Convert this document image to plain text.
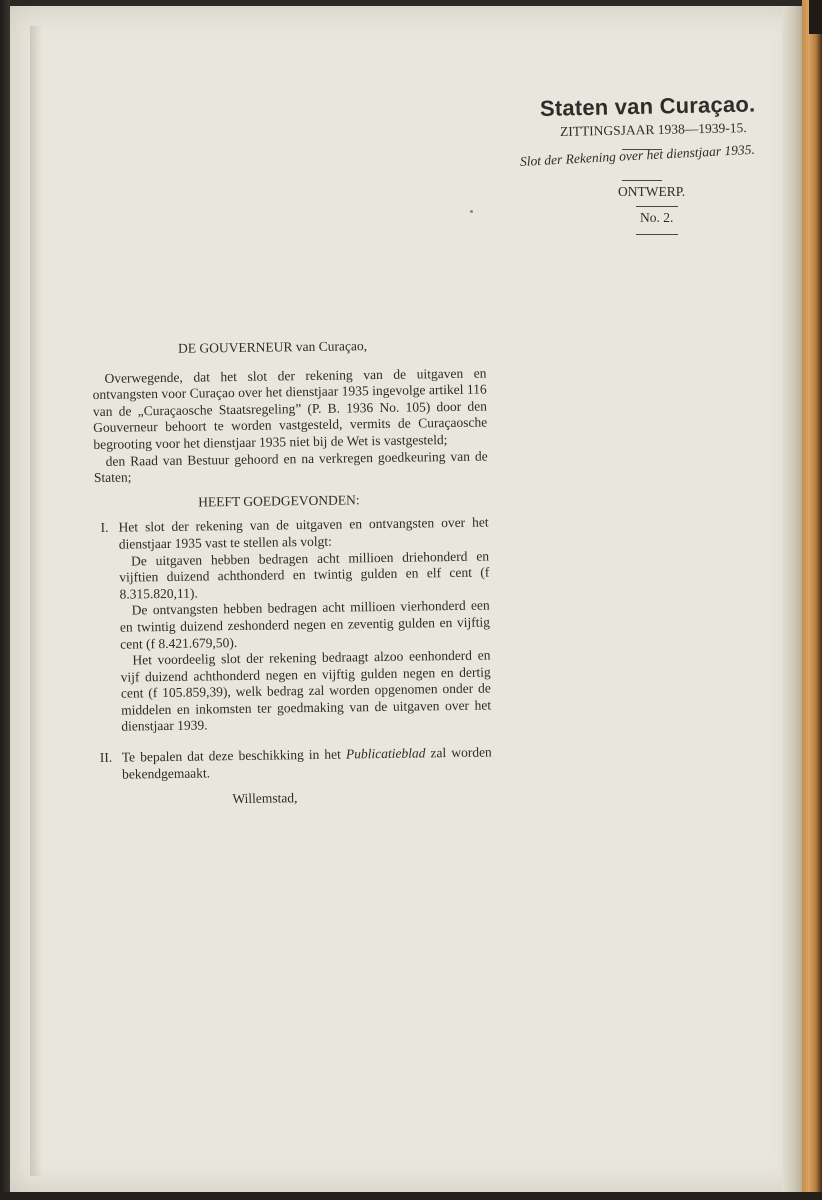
Staten van Curaçao.
ZITTINGSJAAR 1938—1939-15.
Slot der Rekening over het dienstjaar 1935.
ONTWERP.
No. 2.

DE GOUVERNEUR van Curaçao,

Overwegende, dat het slot der rekening van de uitgaven en ontvangsten voor Curaçao over het dienstjaar 1935 ingevolge artikel 116 van de „Curaçaosche Staatsregeling” (P. B. 1936 No. 105) door den Gouverneur behoort te worden vastgesteld, vermits de Curaçaosche begrooting voor het dienstjaar 1935 niet bij de Wet is vastgesteld;

den Raad van Bestuur gehoord en na verkregen goedkeuring van de Staten;

HEEFT GOEDGEVONDEN:

I. Het slot der rekening van de uitgaven en ontvangsten over het dienstjaar 1935 vast te stellen als volgt:

De uitgaven hebben bedragen acht millioen driehonderd en vijftien duizend achthonderd en twintig gulden en elf cent (f 8.315.820,11).

De ontvangsten hebben bedragen acht millioen vierhonderd een en twintig duizend zeshonderd negen en zeventig gulden en vijftig cent (f 8.421.679,50).

Het voordeelig slot der rekening bedraagt alzoo eenhonderd en vijf duizend achthonderd negen en vijftig gulden negen en dertig cent (f 105.859,39), welk bedrag zal worden opgenomen onder de middelen en inkomsten ter goedmaking van de uitgaven over het dienstjaar 1939.

II. Te bepalen dat deze beschikking in het Publicatieblad zal worden bekendgemaakt.

Willemstad,
